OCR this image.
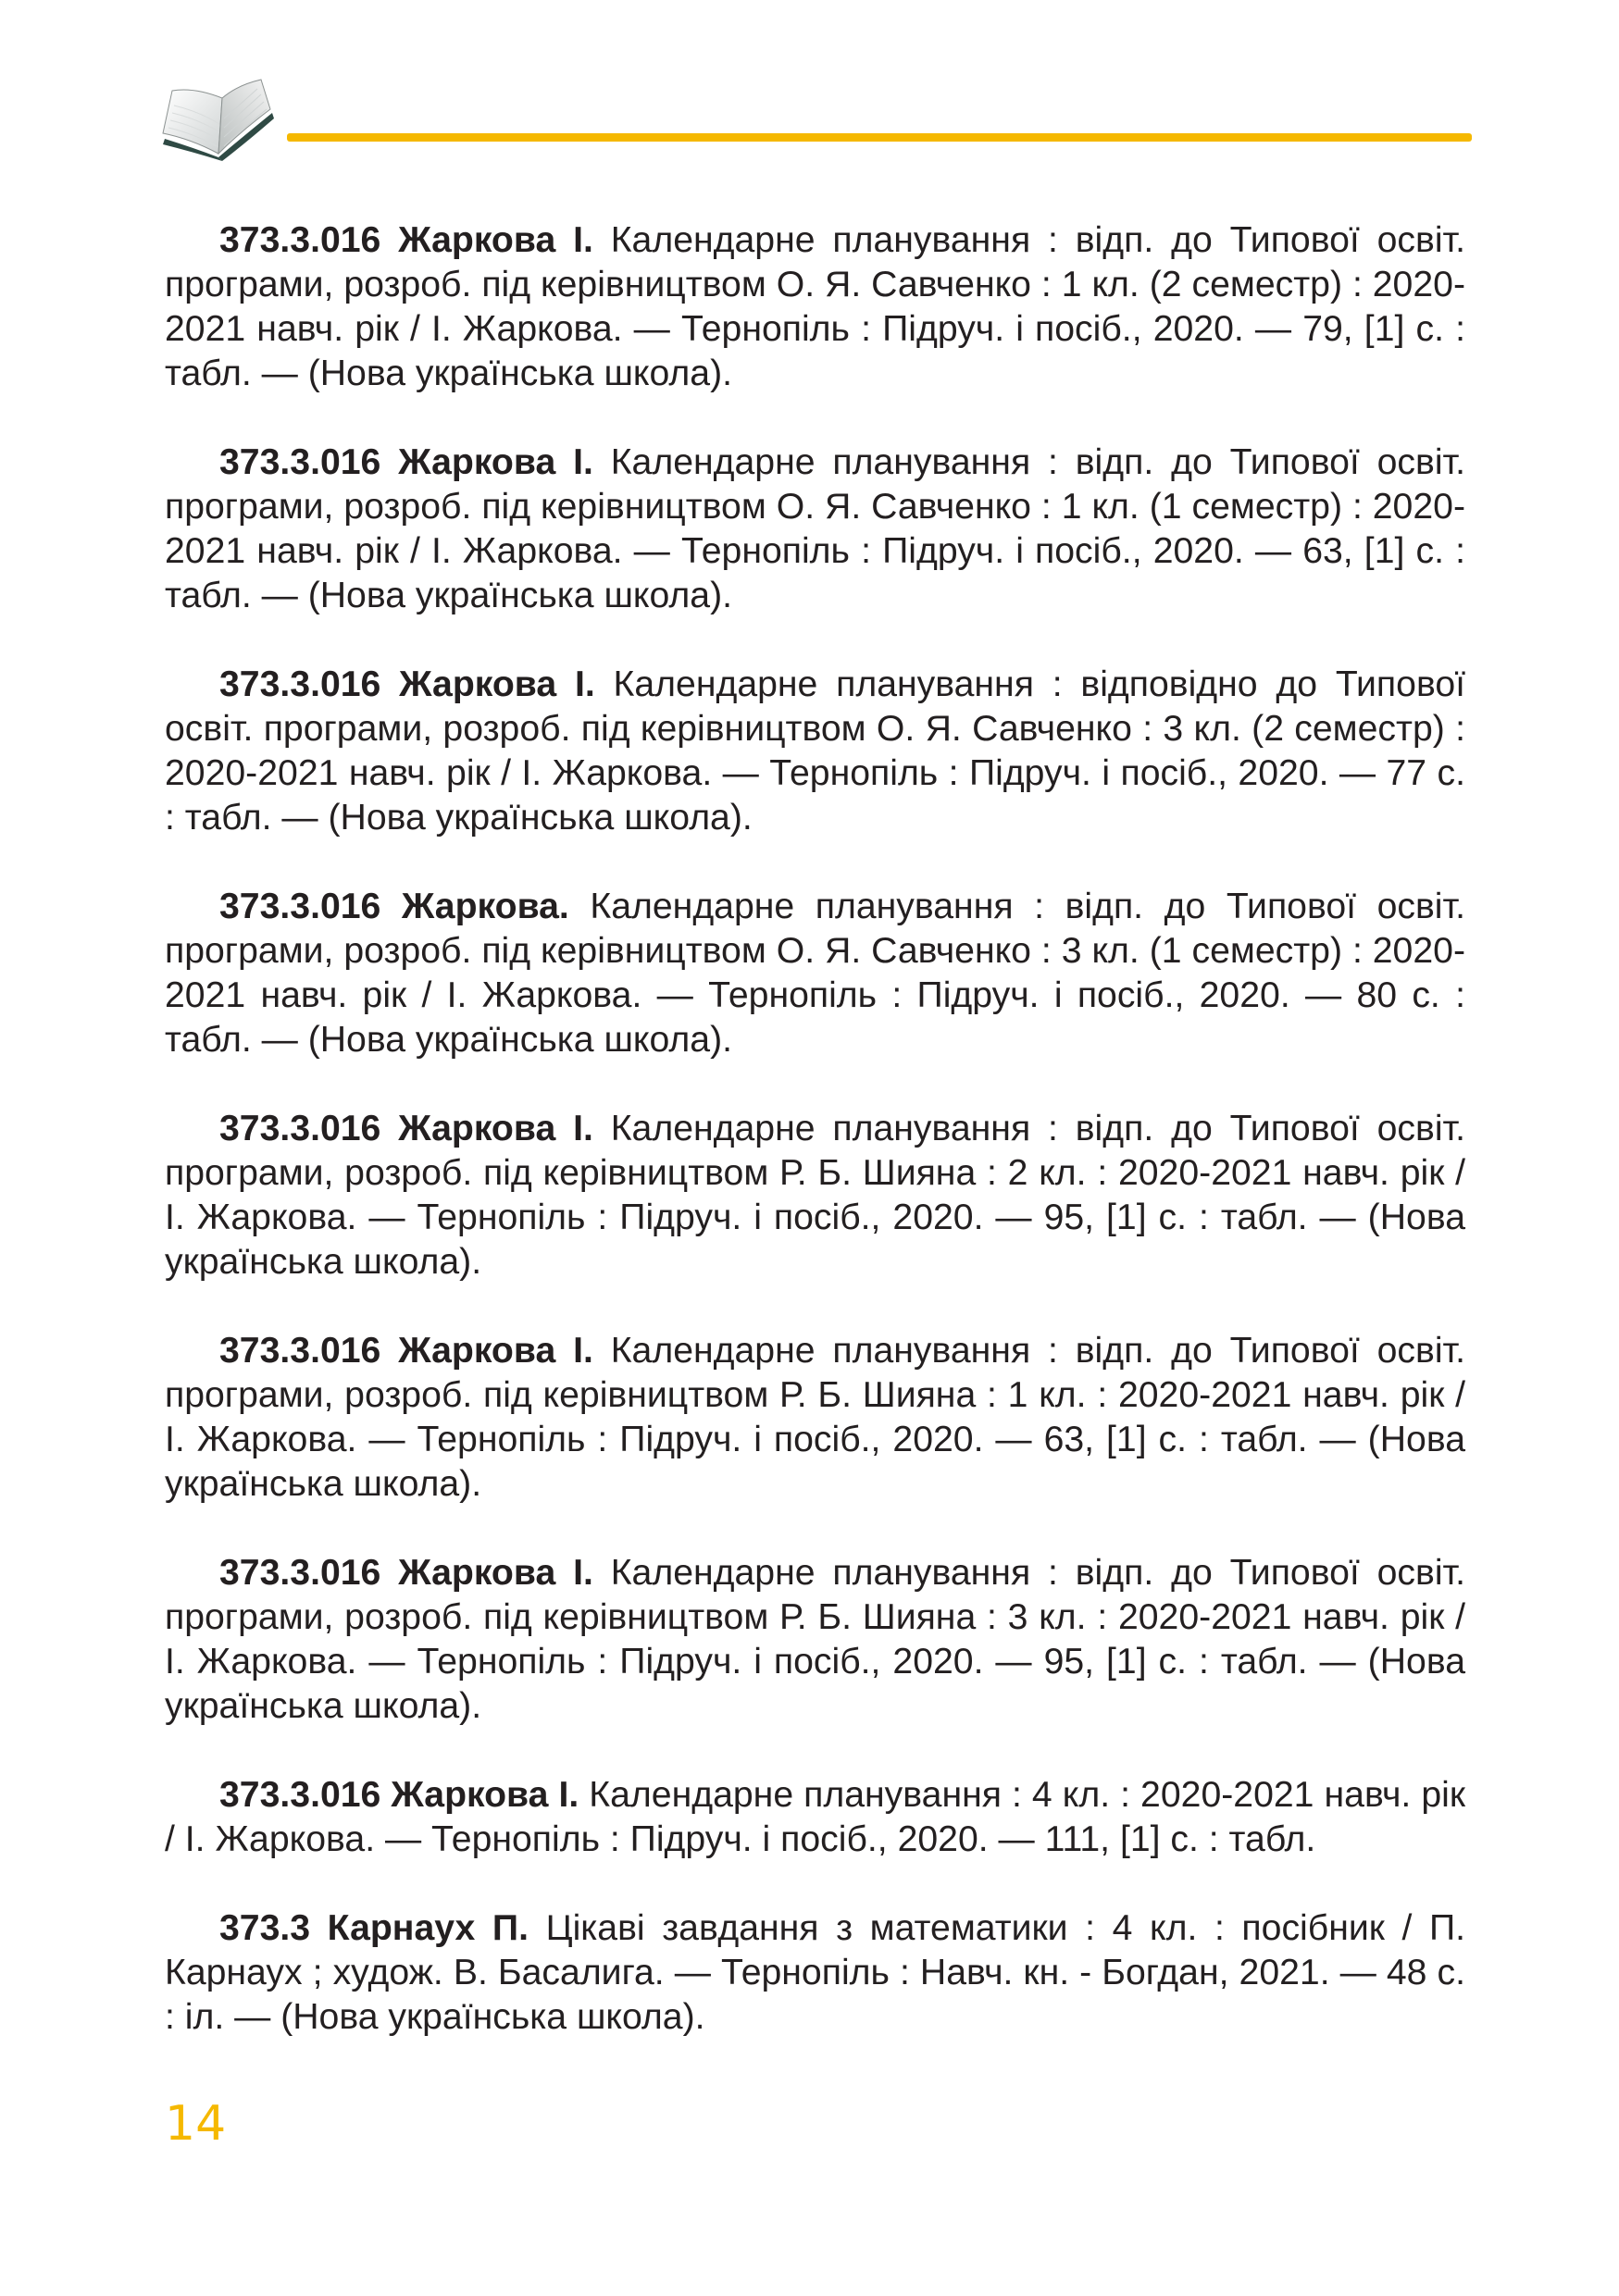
373.3.016 Жаркова І. Календарне планування : відп. до Типової освіт. програми, розроб. під керівництвом О. Я. Савченко : 1 кл. (2 семестр) : 2020-2021 навч. рік / І. Жаркова. — Тернопіль : Підруч. і посіб., 2020. — 79, [1] с. : табл. — (Нова українська школа).

373.3.016 Жаркова І. Календарне планування : відп. до Типової освіт. програми, розроб. під керівництвом О. Я. Савченко : 1 кл. (1 семестр) : 2020-2021 навч. рік / І. Жаркова. — Тернопіль : Підруч. і посіб., 2020. — 63, [1] с. : табл. — (Нова українська школа).

373.3.016 Жаркова І. Календарне планування : відповідно до Типової освіт. програми, розроб. під керівництвом О. Я. Савченко : 3 кл. (2 семестр) : 2020-2021 навч. рік / І. Жаркова. — Тернопіль : Підруч. і посіб., 2020. — 77 с. : табл. — (Нова українська школа).

373.3.016 Жаркова. Календарне планування : відп. до Типової освіт. програми, розроб. під керівництвом О. Я. Савченко : 3 кл. (1 семестр) : 2020-2021 навч. рік / І. Жаркова. — Тернопіль : Підруч. і посіб., 2020. — 80 с. : табл. — (Нова українська школа).

373.3.016 Жаркова І. Календарне планування : відп. до Типової освіт. програми, розроб. під керівництвом Р. Б. Шияна : 2 кл. : 2020-2021 навч. рік / І. Жаркова. — Тернопіль : Підруч. і посіб., 2020. — 95, [1] с. : табл. — (Нова українська школа).

373.3.016 Жаркова І. Календарне планування : відп. до Типової освіт. програми, розроб. під керівництвом Р. Б. Шияна : 1 кл. : 2020-2021 навч. рік / І. Жаркова. — Тернопіль : Підруч. і посіб., 2020. — 63, [1] с. : табл. — (Нова українська школа).

373.3.016 Жаркова І. Календарне планування : відп. до Типової освіт. програми, розроб. під керівництвом Р. Б. Шияна : 3 кл. : 2020-2021 навч. рік / І. Жаркова. — Тернопіль : Підруч. і посіб., 2020. — 95, [1] с. : табл. — (Нова українська школа).

373.3.016 Жаркова І. Календарне планування : 4 кл. : 2020-2021 навч. рік / І. Жаркова. — Тернопіль : Підруч. і посіб., 2020. — 111, [1] с. : табл.

373.3 Карнаух П. Цікаві завдання з математики : 4 кл. : посібник / П. Карнаух ; худож. В. Басалига. — Тернопіль : Навч. кн. - Богдан, 2021. — 48 с. : іл. — (Нова українська школа).

14
